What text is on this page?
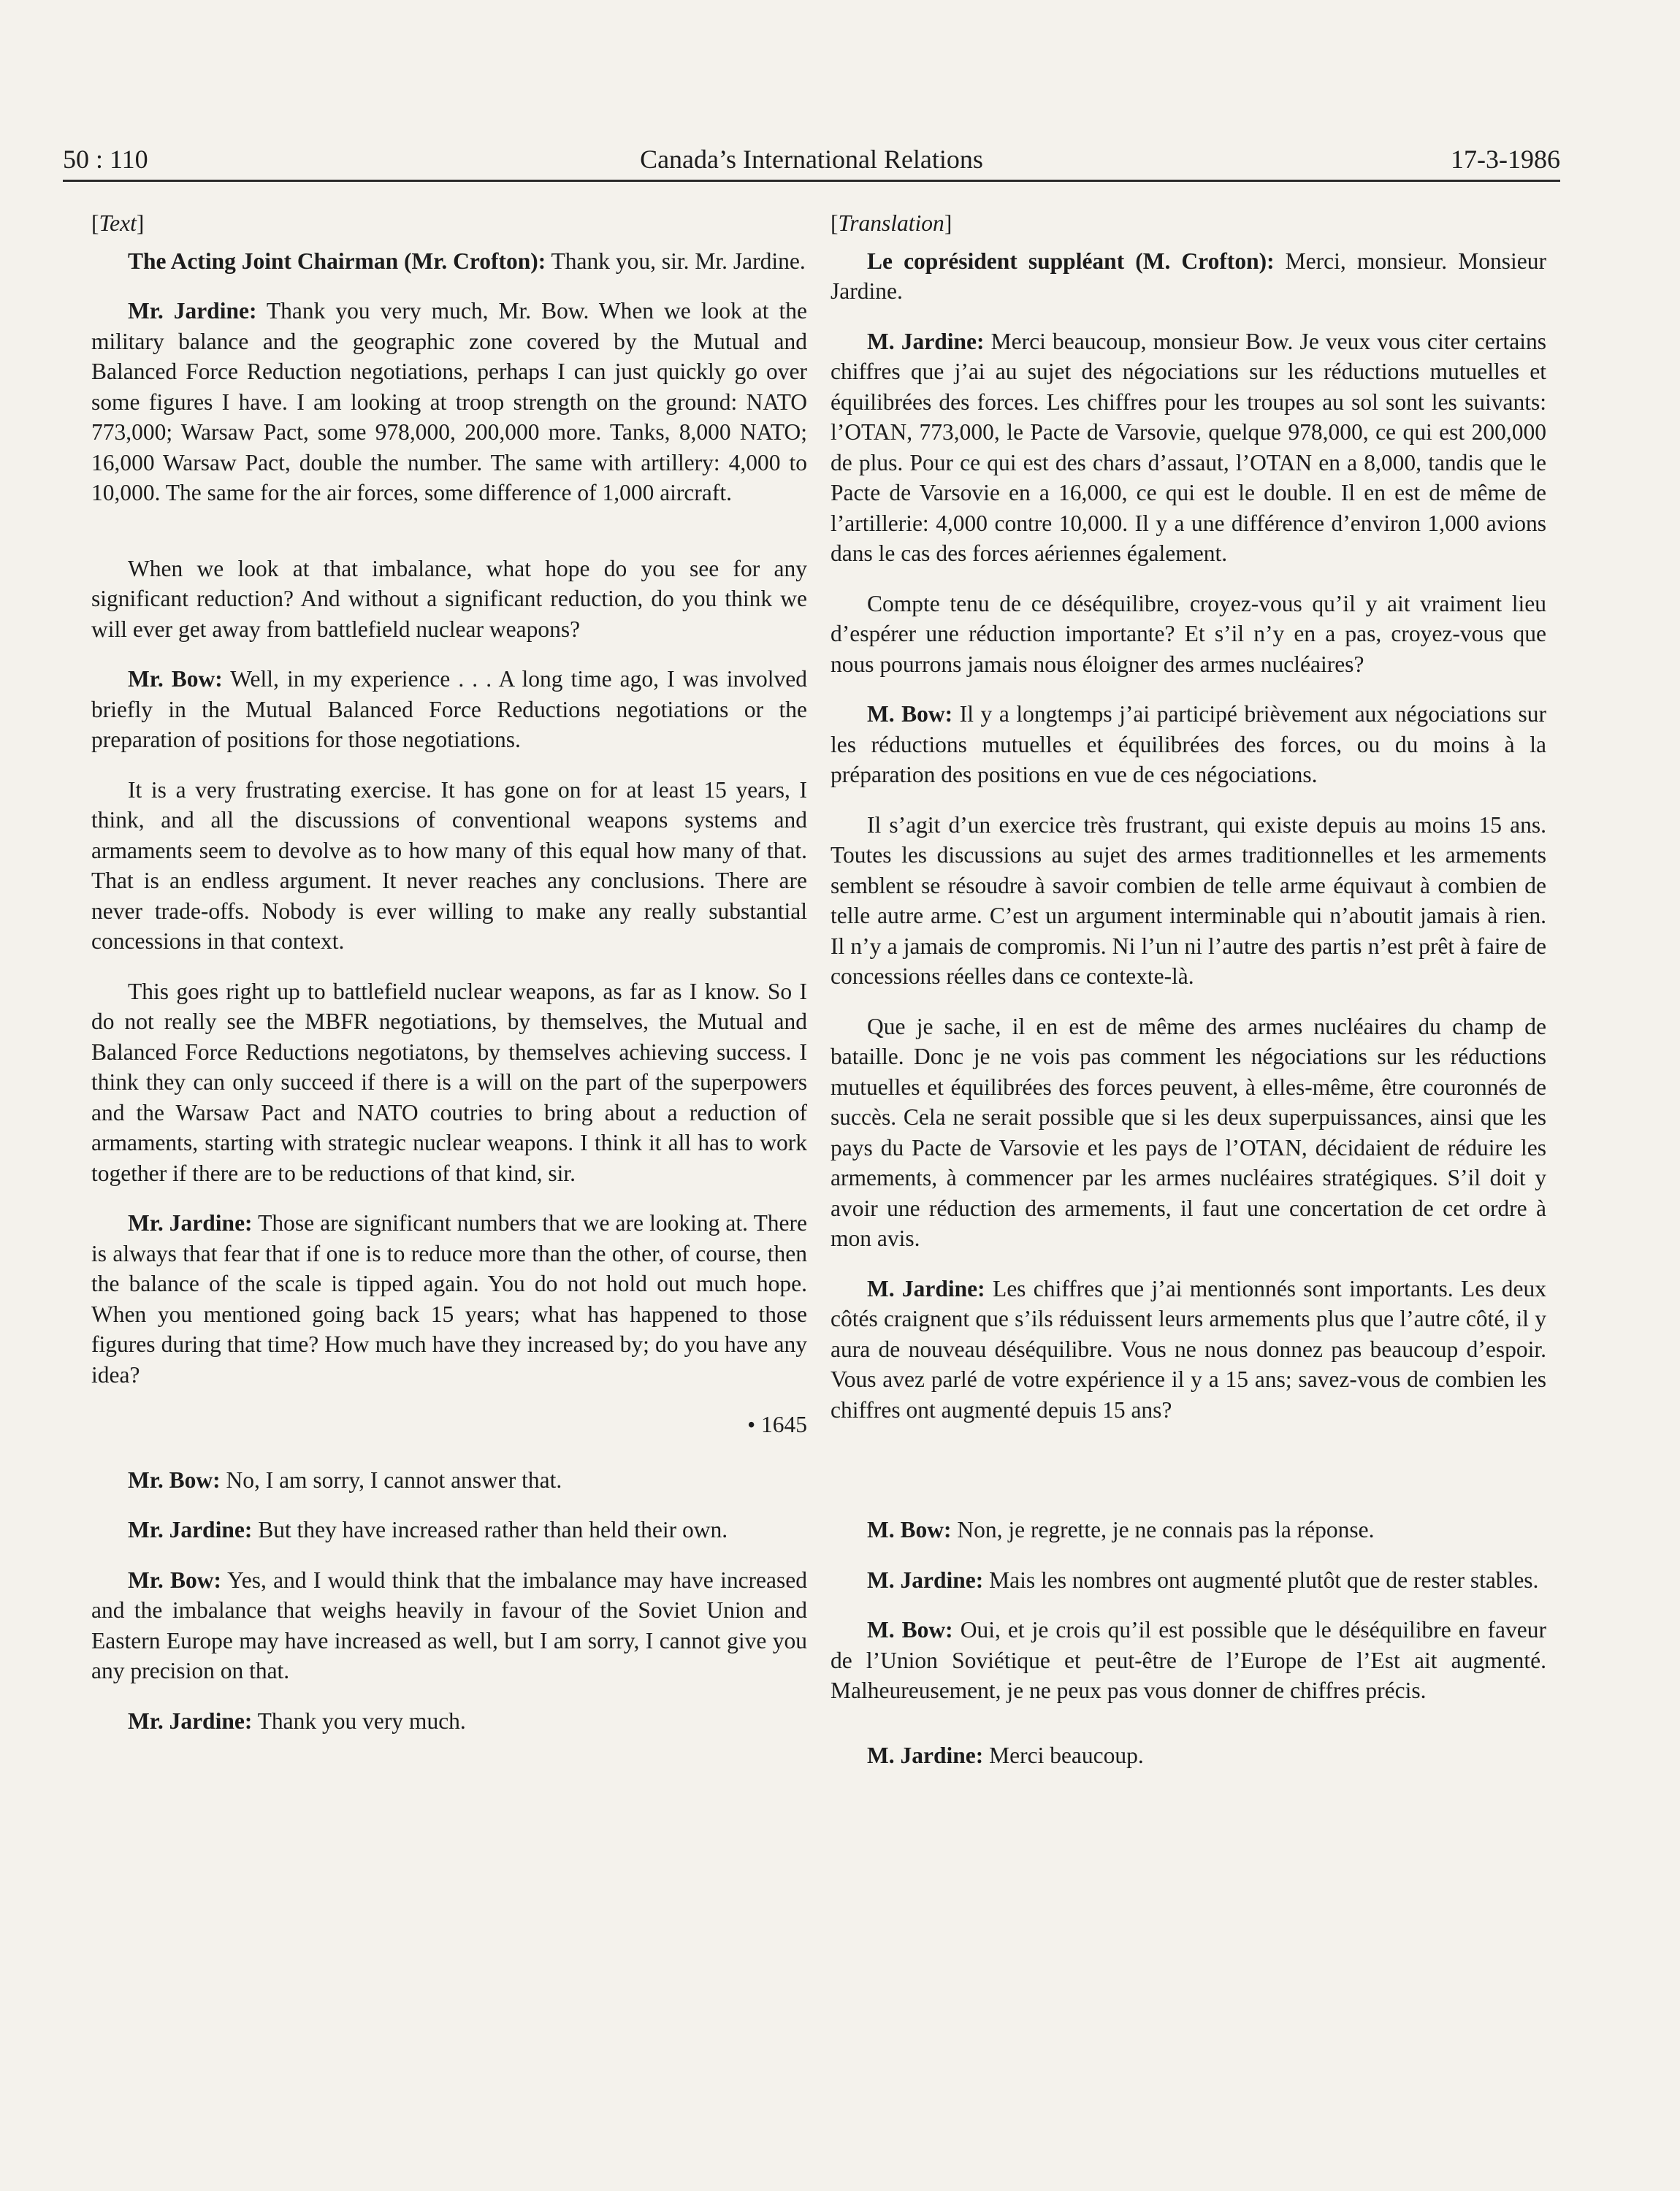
50 : 110	Canada’s International Relations	17-3-1986

[Text]

The Acting Joint Chairman (Mr. Crofton): Thank you, sir. Mr. Jardine.

Mr. Jardine: Thank you very much, Mr. Bow. When we look at the military balance and the geographic zone covered by the Mutual and Balanced Force Reduction negotiations, perhaps I can just quickly go over some figures I have. I am looking at troop strength on the ground: NATO 773,000; Warsaw Pact, some 978,000, 200,000 more. Tanks, 8,000 NATO; 16,000 Warsaw Pact, double the number. The same with artillery: 4,000 to 10,000. The same for the air forces, some difference of 1,000 aircraft.

When we look at that imbalance, what hope do you see for any significant reduction? And without a significant reduction, do you think we will ever get away from battlefield nuclear weapons?

Mr. Bow: Well, in my experience . . . A long time ago, I was involved briefly in the Mutual Balanced Force Reductions negotiations or the preparation of positions for those negotiations.

It is a very frustrating exercise. It has gone on for at least 15 years, I think, and all the discussions of conventional weapons systems and armaments seem to devolve as to how many of this equal how many of that. That is an endless argument. It never reaches any conclusions. There are never trade-offs. Nobody is ever willing to make any really substantial concessions in that context.

This goes right up to battlefield nuclear weapons, as far as I know. So I do not really see the MBFR negotiations, by themselves, the Mutual and Balanced Force Reductions negotiatons, by themselves achieving success. I think they can only succeed if there is a will on the part of the superpowers and the Warsaw Pact and NATO coutries to bring about a reduction of armaments, starting with strategic nuclear weapons. I think it all has to work together if there are to be reductions of that kind, sir.

Mr. Jardine: Those are significant numbers that we are looking at. There is always that fear that if one is to reduce more than the other, of course, then the balance of the scale is tipped again. You do not hold out much hope. When you mentioned going back 15 years; what has happened to those figures during that time? How much have they increased by; do you have any idea?

• 1645

Mr. Bow: No, I am sorry, I cannot answer that.

Mr. Jardine: But they have increased rather than held their own.

Mr. Bow: Yes, and I would think that the imbalance may have increased and the imbalance that weighs heavily in favour of the Soviet Union and Eastern Europe may have increased as well, but I am sorry, I cannot give you any precision on that.

Mr. Jardine: Thank you very much.

[Translation]

Le coprésident suppléant (M. Crofton): Merci, monsieur. Monsieur Jardine.

M. Jardine: Merci beaucoup, monsieur Bow. Je veux vous citer certains chiffres que j’ai au sujet des négociations sur les réductions mutuelles et équilibrées des forces. Les chiffres pour les troupes au sol sont les suivants: l’OTAN, 773,000, le Pacte de Varsovie, quelque 978,000, ce qui est 200,000 de plus. Pour ce qui est des chars d’assaut, l’OTAN en a 8,000, tandis que le Pacte de Varsovie en a 16,000, ce qui est le double. Il en est de même de l’artillerie: 4,000 contre 10,000. Il y a une différence d’environ 1,000 avions dans le cas des forces aériennes également.

Compte tenu de ce déséquilibre, croyez-vous qu’il y ait vraiment lieu d’espérer une réduction importante? Et s’il n’y en a pas, croyez-vous que nous pourrons jamais nous éloigner des armes nucléaires?

M. Bow: Il y a longtemps j’ai participé brièvement aux négociations sur les réductions mutuelles et équilibrées des forces, ou du moins à la préparation des positions en vue de ces négociations.

Il s’agit d’un exercice très frustrant, qui existe depuis au moins 15 ans. Toutes les discussions au sujet des armes traditionnelles et les armements semblent se résoudre à savoir combien de telle arme équivaut à combien de telle autre arme. C’est un argument interminable qui n’aboutit jamais à rien. Il n’y a jamais de compromis. Ni l’un ni l’autre des partis n’est prêt à faire de concessions réelles dans ce contexte-là.

Que je sache, il en est de même des armes nucléaires du champ de bataille. Donc je ne vois pas comment les négociations sur les réductions mutuelles et équilibrées des forces peuvent, à elles-même, être couronnés de succès. Cela ne serait possible que si les deux superpuissances, ainsi que les pays du Pacte de Varsovie et les pays de l’OTAN, décidaient de réduire les armements, à commencer par les armes nucléaires stratégiques. S’il doit y avoir une réduction des armements, il faut une concertation de cet ordre à mon avis.

M. Jardine: Les chiffres que j’ai mentionnés sont importants. Les deux côtés craignent que s’ils réduissent leurs armements plus que l’autre côté, il y aura de nouveau déséquilibre. Vous ne nous donnez pas beaucoup d’espoir. Vous avez parlé de votre expérience il y a 15 ans; savez-vous de combien les chiffres ont augmenté depuis 15 ans?

M. Bow: Non, je regrette, je ne connais pas la réponse.

M. Jardine: Mais les nombres ont augmenté plutôt que de rester stables.

M. Bow: Oui, et je crois qu’il est possible que le déséquilibre en faveur de l’Union Soviétique et peut-être de l’Europe de l’Est ait augmenté. Malheureusement, je ne peux pas vous donner de chiffres précis.

M. Jardine: Merci beaucoup.
